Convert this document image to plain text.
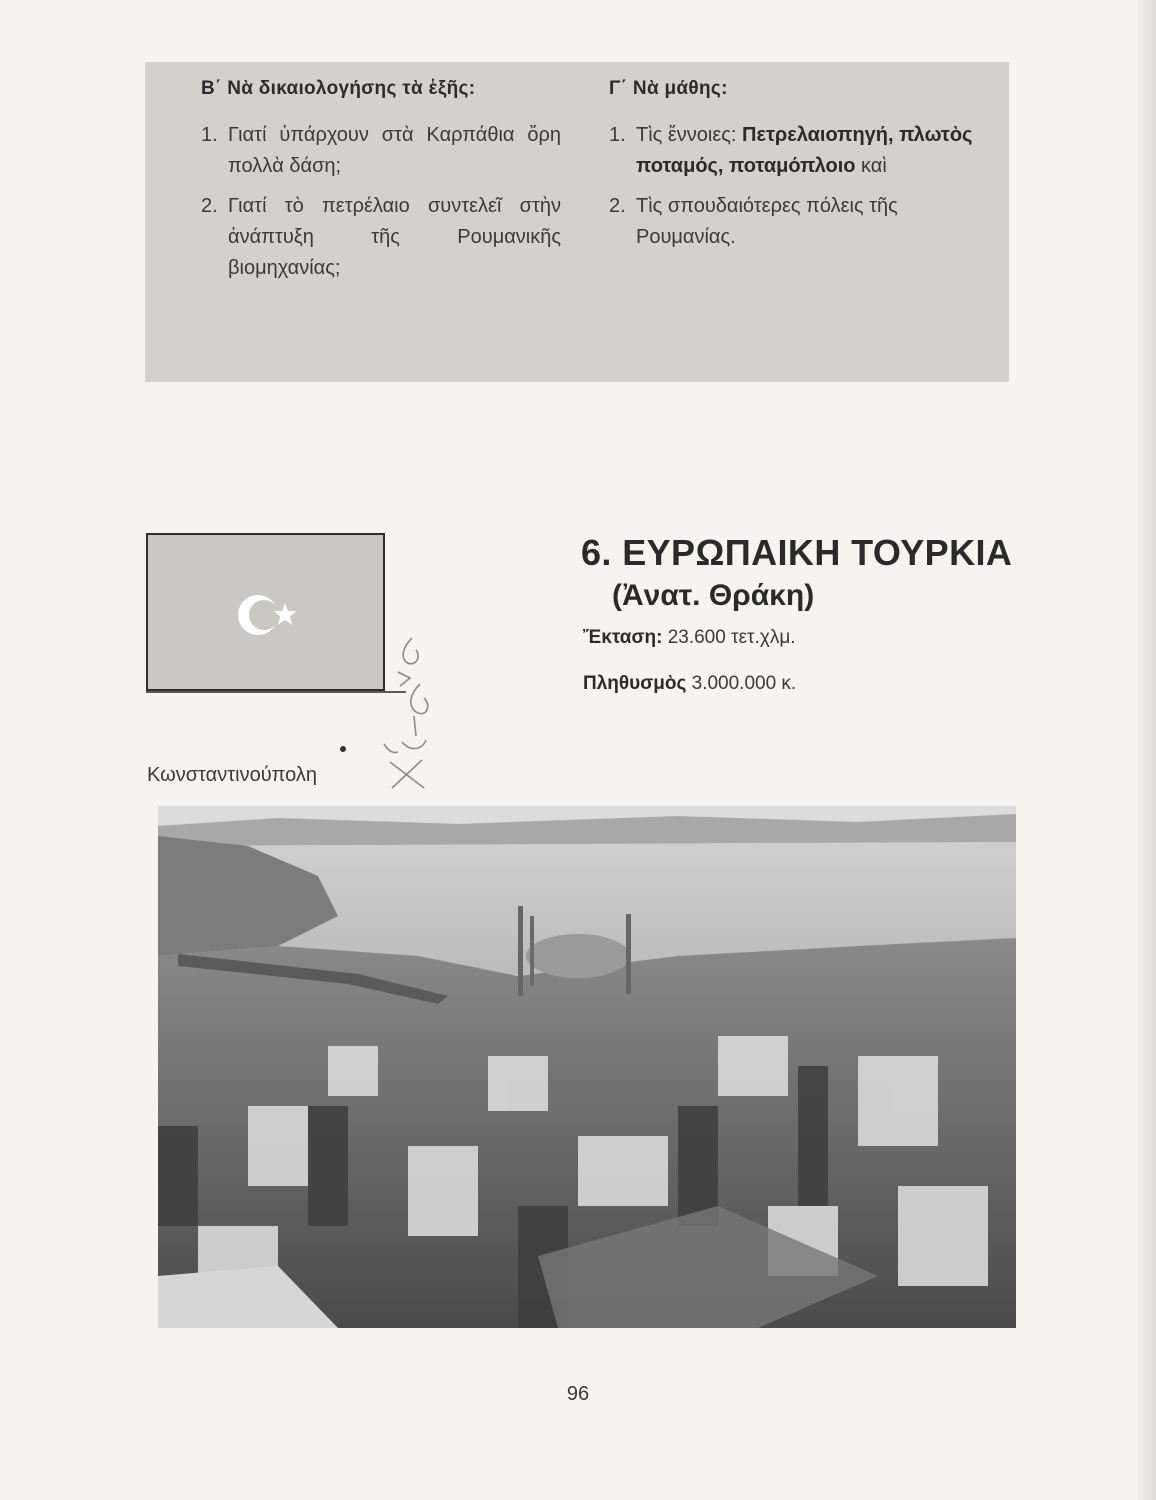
Β΄ Νὰ δικαιολογήσης τὰ ἑξῆς:
1. Γιατί ὑπάρχουν στὰ Καρπάθια ὄρη πολλὰ δάση;
2. Γιατί τὸ πετρέλαιο συντελεῖ στὴν ἀνάπτυξη τῆς Ρουμανικῆς βιομηχανίας;
Γ΄ Νὰ μάθης:
1. Τὶς ἔννοιες: Πετρελαιοπηγή, πλωτὸς ποταμός, ποταμόπλοιο καὶ
2. Τὶς σπουδαιότερες πόλεις τῆς Ρουμανίας.
6. ΕΥΡΩΠΑΙΚΗ ΤΟΥΡΚΙΑ
(Ἀνατ. Θράκη)
Ἔκταση: 23.600 τετ.χλμ.
Πληθυσμὸς 3.000.000 κ.
Κωνσταντινούπολη
96
